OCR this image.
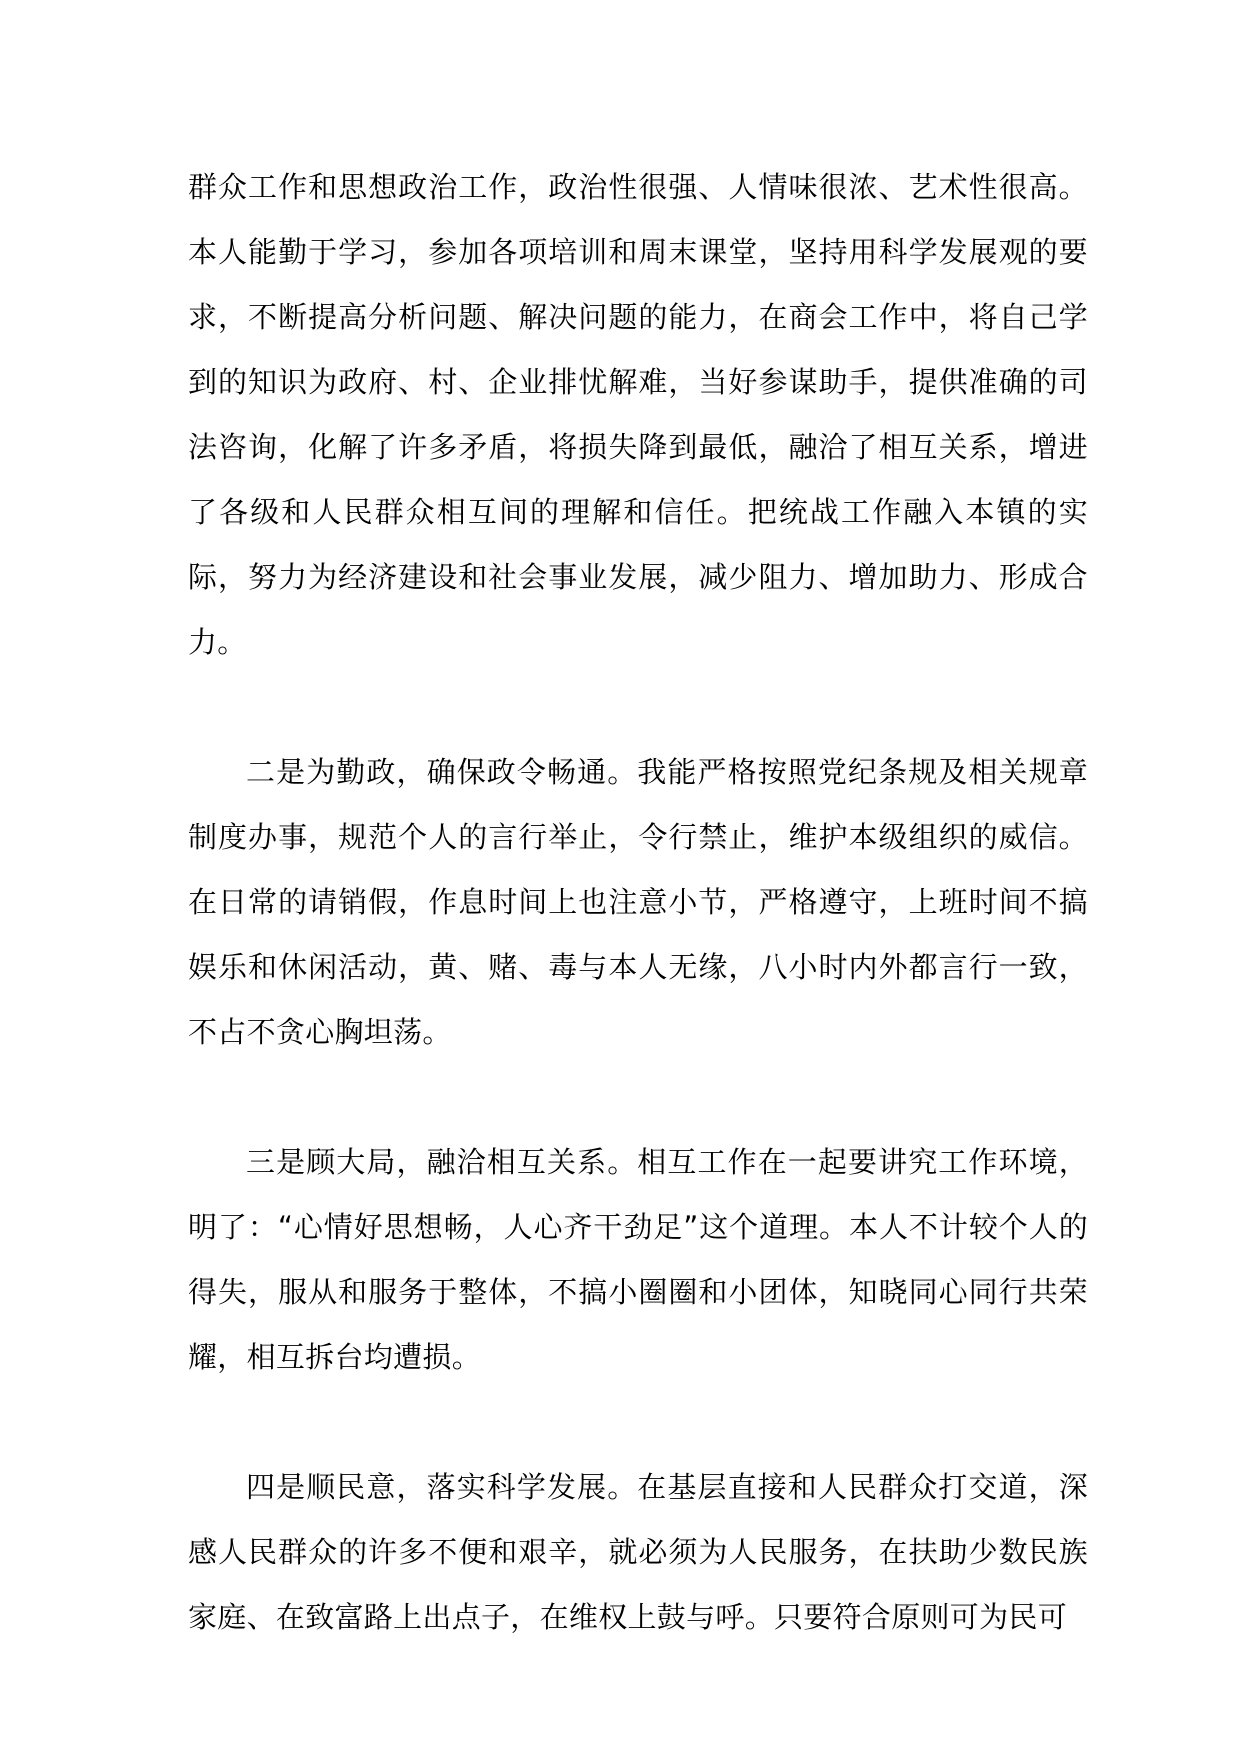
群众工作和思想政治工作，政治性很强、人情味很浓、艺术性很高。本人能勤于学习，参加各项培训和周末课堂，坚持用科学发展观的要求，不断提高分析问题、解决问题的能力，在商会工作中，将自己学到的知识为政府、村、企业排忧解难，当好参谋助手，提供准确的司法咨询，化解了许多矛盾，将损失降到最低，融洽了相互关系，增进了各级和人民群众相互间的理解和信任。把统战工作融入本镇的实际，努力为经济建设和社会事业发展，减少阻力、增加助力、形成合力。

二是为勤政，确保政令畅通。我能严格按照党纪条规及相关规章制度办事，规范个人的言行举止，令行禁止，维护本级组织的威信。在日常的请销假，作息时间上也注意小节，严格遵守，上班时间不搞娱乐和休闲活动，黄、赌、毒与本人无缘，八小时内外都言行一致，不占不贪心胸坦荡。

三是顾大局，融洽相互关系。相互工作在一起要讲究工作环境，明了：“心情好思想畅，人心齐干劲足”这个道理。本人不计较个人的得失，服从和服务于整体，不搞小圈圈和小团体，知晓同心同行共荣耀，相互拆台均遭损。

四是顺民意，落实科学发展。在基层直接和人民群众打交道，深感人民群众的许多不便和艰辛，就必须为人民服务，在扶助少数民族家庭、在致富路上出点子，在维权上鼓与呼。只要符合原则可为民可
